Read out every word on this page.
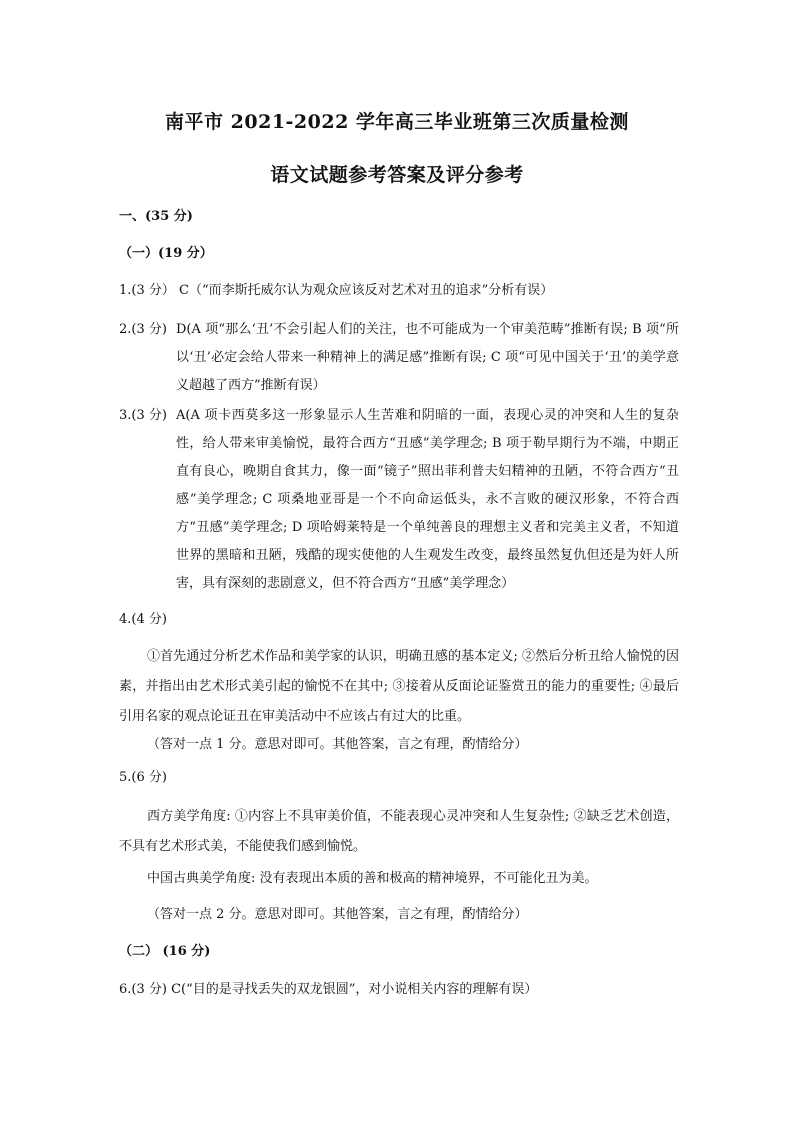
南平市 2021-2022 学年高三毕业班第三次质量检测
语文试题参考答案及评分参考
一、(35 分)
（一）(19 分）
1.(3 分） C（“而李斯托威尔认为观众应该反对艺术对丑的追求”分析有误）
2.(3 分) D(A 项“那么‘丑’不会引起人们的关注，也不可能成为一个审美范畴”推断有误; B 项“所以‘丑’必定会给人带来一种精神上的满足感”推断有误; C 项“可见中国关于‘丑’的美学意义超越了西方”推断有误）
3.(3 分) A(A 项卡西莫多这一形象显示人生苦难和阴暗的一面，表现心灵的冲突和人生的复杂性，给人带来审美愉悦，最符合西方“丑感”美学理念; B 项于勒早期行为不端，中期正直有良心，晚期自食其力，像一面“镜子”照出菲利普夫妇精神的丑陋，不符合西方“丑感”美学理念; C 项桑地亚哥是一个不向命运低头，永不言败的硬汉形象，不符合西方“丑感”美学理念; D 项哈姆莱特是一个单纯善良的理想主义者和完美主义者，不知道世界的黑暗和丑陋，残酷的现实使他的人生观发生改变，最终虽然复仇但还是为奸人所害，具有深刻的悲剧意义，但不符合西方“丑感”美学理念）
4.(4 分)
①首先通过分析艺术作品和美学家的认识，明确丑感的基本定义; ②然后分析丑给人愉悦的因素，并指出由艺术形式美引起的愉悦不在其中; ③接着从反面论证鉴赏丑的能力的重要性; ④最后引用名家的观点论证丑在审美活动中不应该占有过大的比重。
（答对一点 1 分。意思对即可。其他答案，言之有理，酌情给分）
5.(6 分)
西方美学角度: ①内容上不具审美价值，不能表现心灵冲突和人生复杂性; ②缺乏艺术创造，不具有艺术形式美，不能使我们感到愉悦。
中国古典美学角度: 没有表现出本质的善和极高的精神境界，不可能化丑为美。
（答对一点 2 分。意思对即可。其他答案，言之有理，酌情给分）
（二） (16 分)
6.(3 分) C(“目的是寻找丢失的双龙银圆”，对小说相关内容的理解有误）
